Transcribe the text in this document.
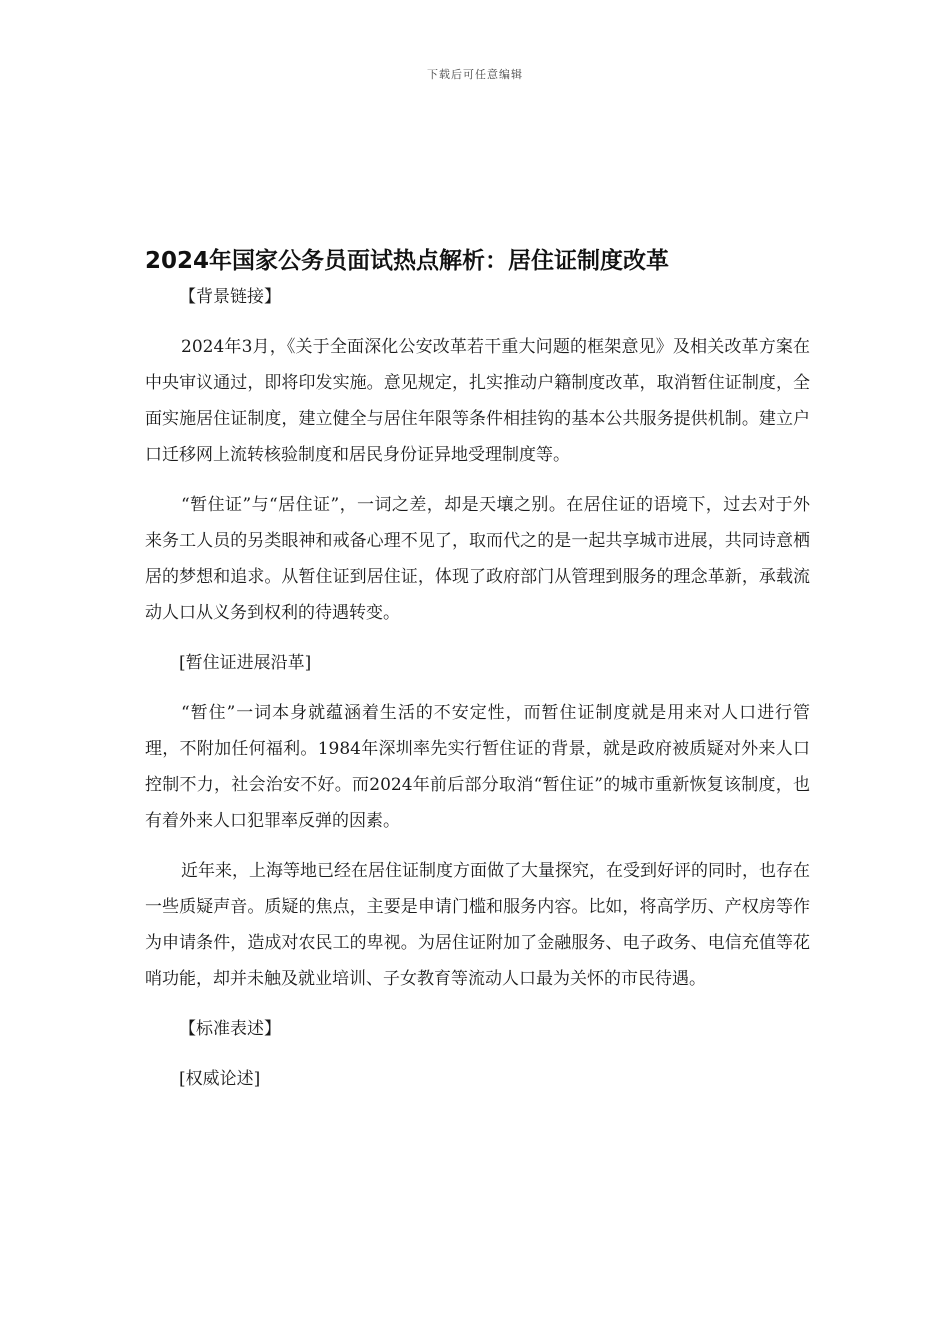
下载后可任意编辑
2024年国家公务员面试热点解析：居住证制度改革

【背景链接】

2024年3月，《关于全面深化公安改革若干重大问题的框架意见》及相关改革方案在中央审议通过，即将印发实施。意见规定，扎实推动户籍制度改革，取消暂住证制度，全面实施居住证制度，建立健全与居住年限等条件相挂钩的基本公共服务提供机制。建立户口迁移网上流转核验制度和居民身份证异地受理制度等。

“暂住证”与“居住证”，一词之差，却是天壤之别。在居住证的语境下，过去对于外来务工人员的另类眼神和戒备心理不见了，取而代之的是一起共享城市进展，共同诗意栖居的梦想和追求。从暂住证到居住证，体现了政府部门从管理到服务的理念革新，承载流动人口从义务到权利的待遇转变。

[暂住证进展沿革]

“暂住”一词本身就蕴涵着生活的不安定性，而暂住证制度就是用来对人口进行管理，不附加任何福利。1984年深圳率先实行暂住证的背景，就是政府被质疑对外来人口控制不力，社会治安不好。而2024年前后部分取消“暂住证”的城市重新恢复该制度，也有着外来人口犯罪率反弹的因素。

近年来，上海等地已经在居住证制度方面做了大量探究，在受到好评的同时，也存在一些质疑声音。质疑的焦点，主要是申请门槛和服务内容。比如，将高学历、产权房等作为申请条件，造成对农民工的卑视。为居住证附加了金融服务、电子政务、电信充值等花哨功能，却并未触及就业培训、子女教育等流动人口最为关怀的市民待遇。

【标准表述】

[权威论述]
